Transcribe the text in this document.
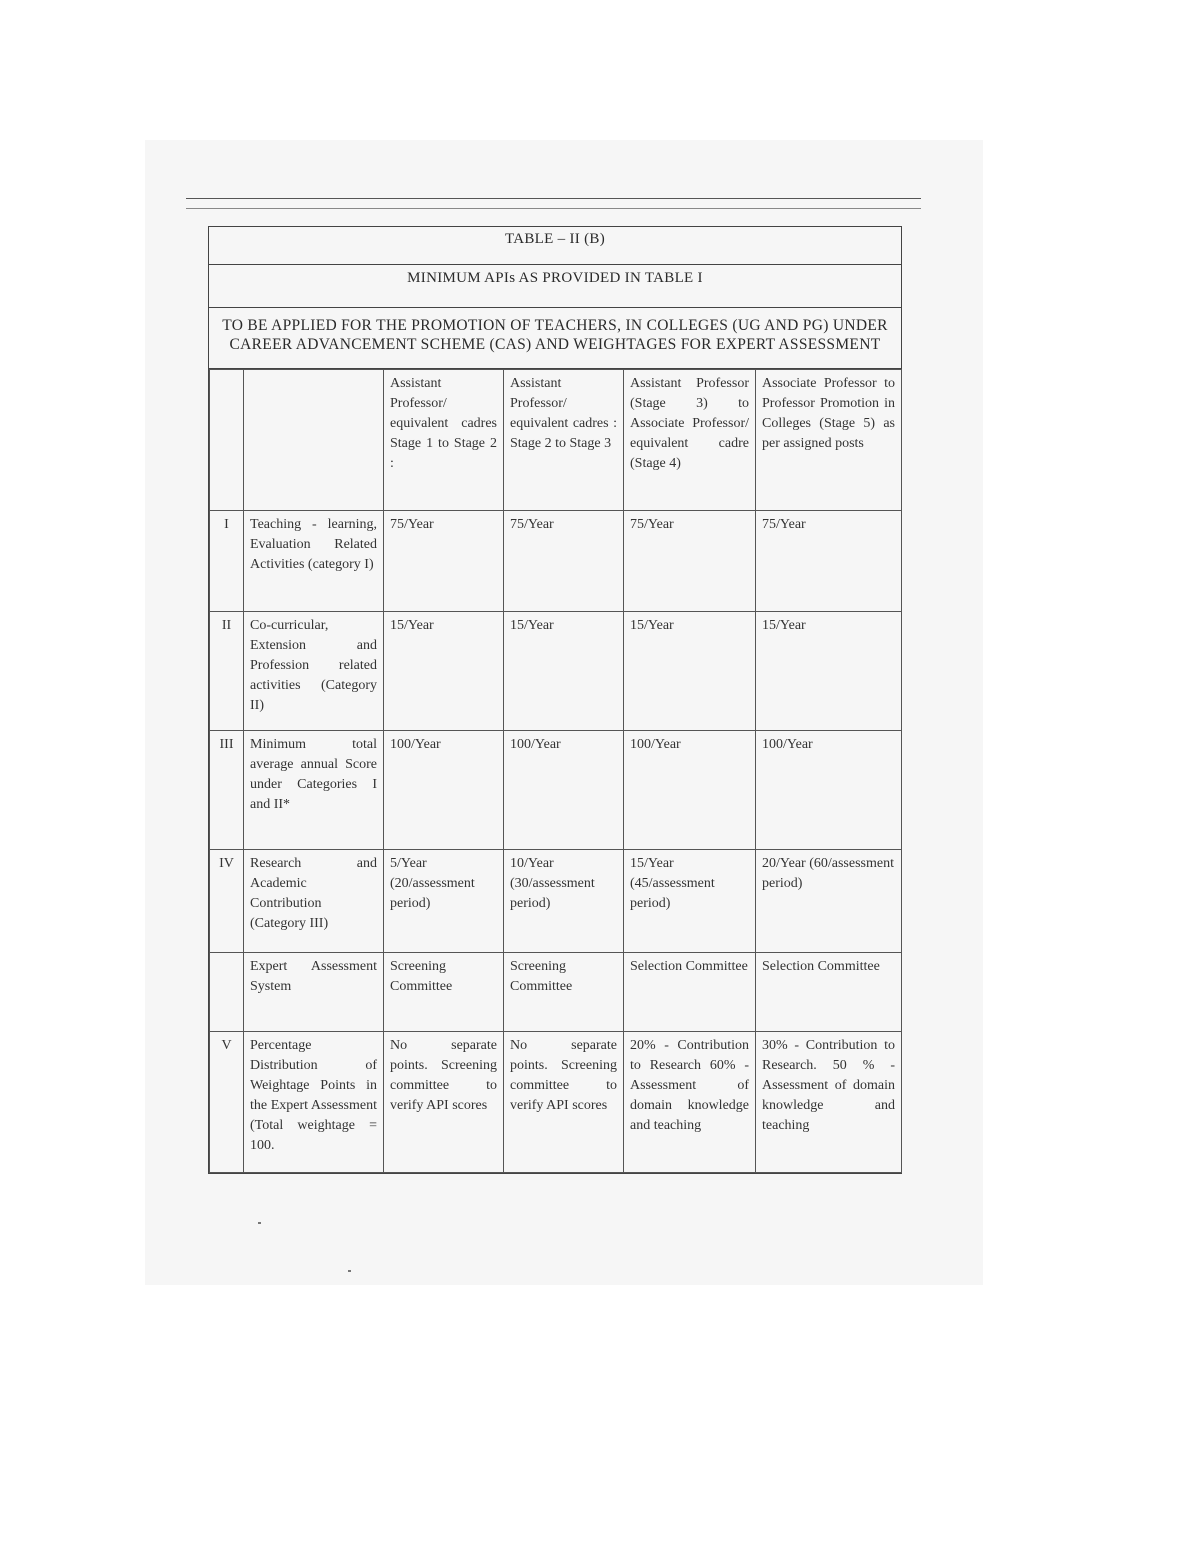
TABLE – II (B)
MINIMUM APIs AS PROVIDED IN TABLE I
TO BE APPLIED FOR THE PROMOTION OF TEACHERS, IN COLLEGES (UG AND PG) UNDER CAREER ADVANCEMENT SCHEME (CAS) AND WEIGHTAGES FOR EXPERT ASSESSMENT
		Assistant Professor/ equivalent cadres Stage 1 to Stage 2 :	Assistant Professor/ equivalent cadres : Stage 2 to Stage 3	Assistant Professor (Stage 3) to Associate Professor/ equivalent cadre (Stage 4)	Associate Professor to Professor Promotion in Colleges (Stage 5) as per assigned posts
I	Teaching - learning, Evaluation Related Activities (category I)	75/Year	75/Year	75/Year	75/Year
II	Co-curricular, Extension and Profession related activities (Category II)	15/Year	15/Year	15/Year	15/Year
III	Minimum total average annual Score under Categories I and II*	100/Year	100/Year	100/Year	100/Year
IV	Research and Academic Contribution (Category III)	5/Year (20/assessment period)	10/Year (30/assessment period)	15/Year (45/assessment period)	20/Year (60/assessment period)
	Expert Assessment System	Screening Committee	Screening Committee	Selection Committee	Selection Committee
V	Percentage Distribution of Weightage Points in the Expert Assessment (Total weightage = 100.	No separate points. Screening committee to verify API scores	No separate points. Screening committee to verify API scores	20% - Contribution to Research 60% - Assessment of domain knowledge and teaching	30% - Contribution to Research. 50 % - Assessment of domain knowledge and teaching
